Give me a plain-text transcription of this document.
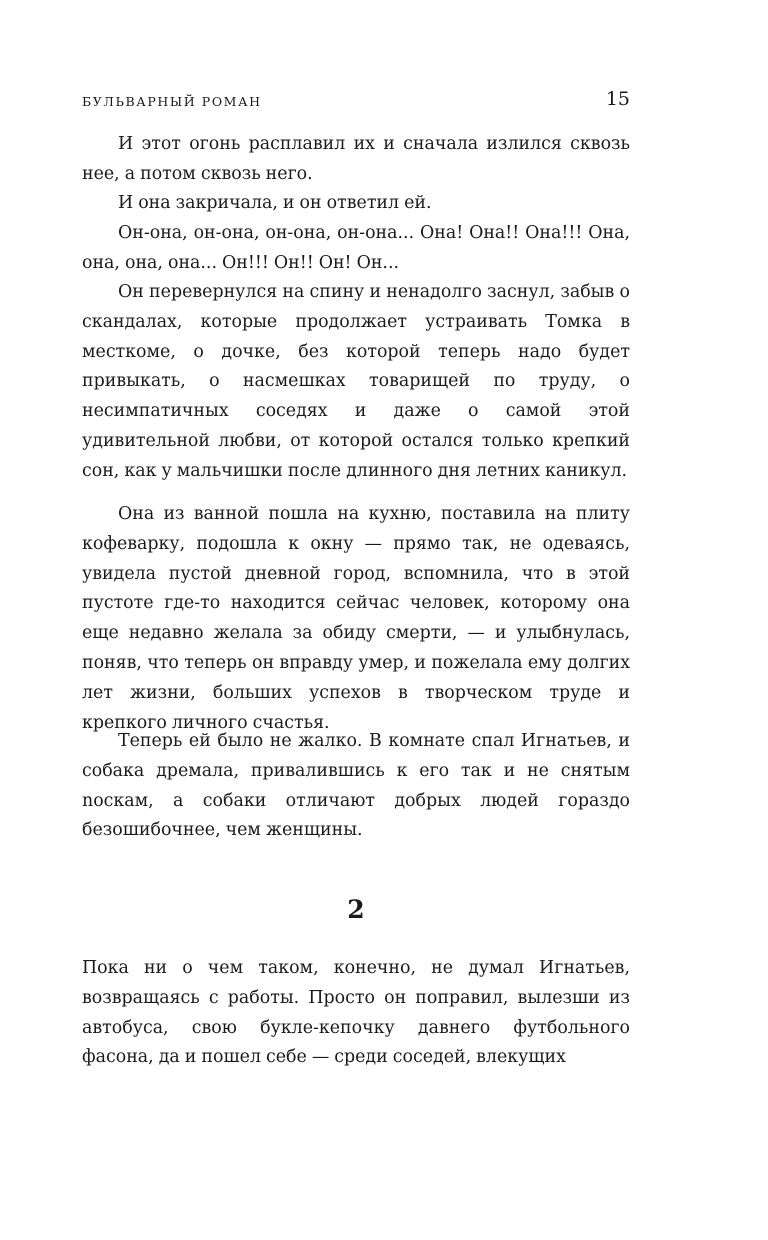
БУЛЬВАРНЫЙ РОМАН	15

И этот огонь расплавил их и сначала излился сквозь нее, а потом сквозь него.

И она закричала, и он ответил ей.

Он-она, он-она, он-она, он-она... Она! Она!! Она!!! Она, она, она, она... Он!!! Он!! Он! Он...

Он перевернулся на спину и ненадолго заснул, забыв о скандалах, которые продолжает устраивать Томка в месткоме, о дочке, без которой теперь надо будет привыкать, о насмешках товарищей по труду, о несимпатичных соседях и даже о самой этой удивительной любви, от которой остался только крепкий сон, как у мальчишки после длинного дня летних каникул.

Она из ванной пошла на кухню, поставила на плиту кофеварку, подошла к окну — прямо так, не одеваясь, увидела пустой дневной город, вспомнила, что в этой пустоте где-то находится сейчас человек, которому она еще недавно желала за обиду смерти, — и улыбнулась, поняв, что теперь он вправду умер, и пожелала ему долгих лет жизни, больших успехов в творческом труде и крепкого личного счастья.

Теперь ей было не жалко. В комнате спал Игнатьев, и собака дремала, привалившись к его так и не снятым noскам, а собаки отличают добрых людей гораздо безошибочнее, чем женщины.

2

Пока ни о чем таком, конечно, не думал Игнатьев, возвращаясь с работы. Просто он поправил, вылезши из автобуса, свою букле-кепочку давнего футбольного фасона, да и пошел себе — среди соседей, влекущих
